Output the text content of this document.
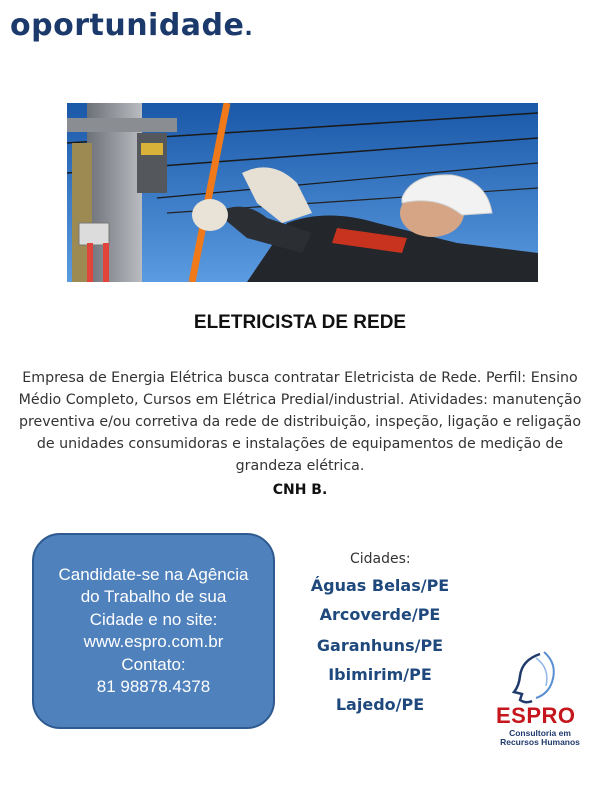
oportunidade.
ELETRICISTA DE REDE
Empresa de Energia Elétrica busca contratar Eletricista de Rede. Perfil: Ensino Médio Completo, Cursos em Elétrica Predial/industrial. Atividades: manutenção preventiva e/ou corretiva da rede de distribuição, inspeção, ligação e religação de unidades consumidoras e instalações de equipamentos de medição de grandeza elétrica.
CNH B.
Candidate-se na Agência
do Trabalho de sua
Cidade e no site:
www.espro.com.br
Contato:
81 98878.4378
Cidades:
Águas Belas/PE
Arcoverde/PE
Garanhuns/PE
Ibimirim/PE
Lajedo/PE	ESPRO
Consultoria em
Recursos Humanos
